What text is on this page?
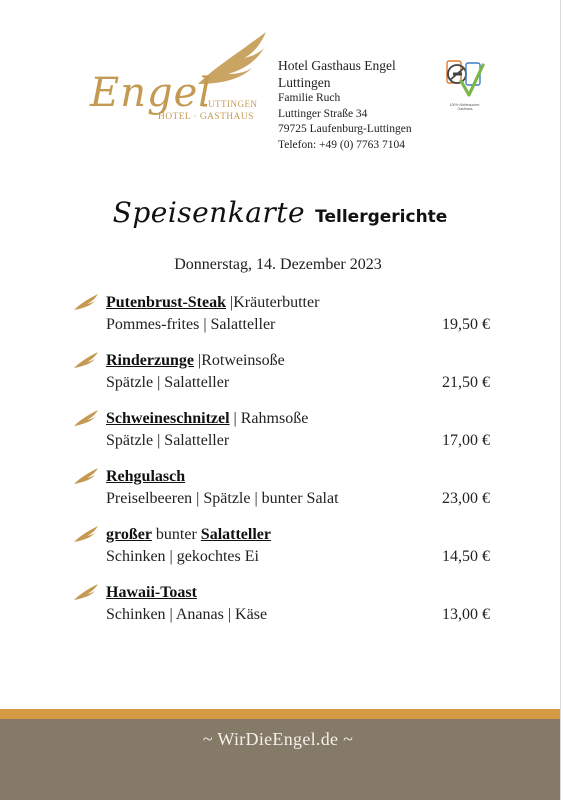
Engel
LUTTINGEN
HOTEL · GASTHAUS
Hotel Gasthaus Engel
Luttingen
Familie Ruch
Luttinger Straße 34
79725 Laufenburg-Luttingen
Telefon: +49 (0) 7763 7104
100% Nichtraucher-Gasthaus
Speisenkarte Tellergerichte
Donnerstag, 14. Dezember 2023
Putenbrust-Steak |Kräuterbutter
Pommes-frites | Salatteller	19,50 €
Rinderzunge |Rotweinsoße
Spätzle | Salatteller	21,50 €
Schweineschnitzel | Rahmsoße
Spätzle | Salatteller	17,00 €
Rehgulasch
Preiselbeeren | Spätzle | bunter Salat	23,00 €
großer bunter Salatteller
Schinken | gekochtes Ei	14,50 €
Hawaii-Toast
Schinken | Ananas | Käse	13,00 €
~ WirDieEngel.de ~
